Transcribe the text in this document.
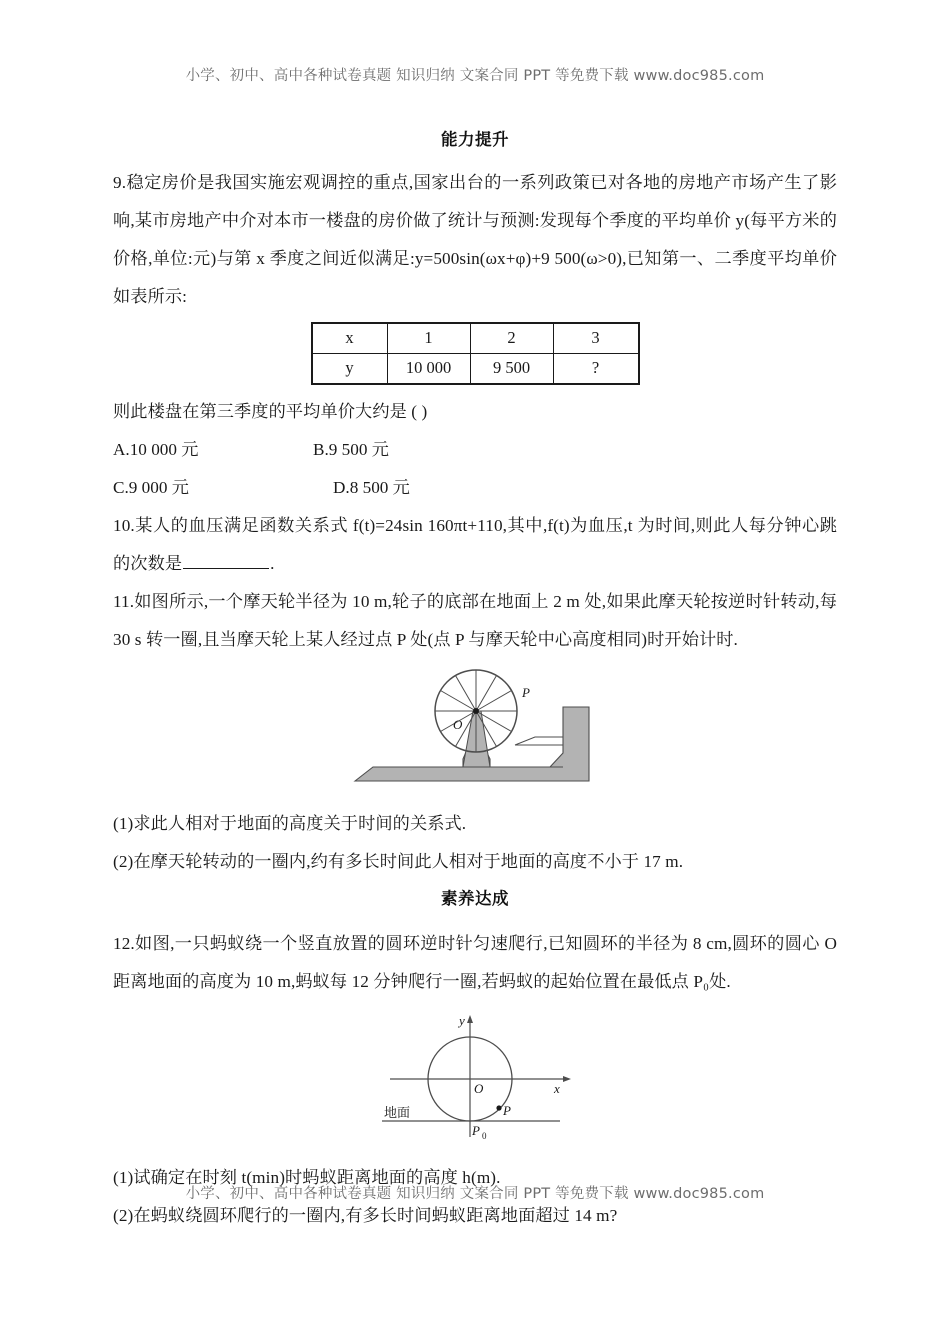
小学、初中、高中各种试卷真题 知识归纳 文案合同 PPT 等免费下载 www.doc985.com
能力提升

9.稳定房价是我国实施宏观调控的重点,国家出台的一系列政策已对各地的房地产市场产生了影响,某市房地产中介对本市一楼盘的房价做了统计与预测:发现每个季度的平均单价 y(每平方米的价格,单位:元)与第 x 季度之间近似满足:y=500sin(ωx+φ)+9 500(ω>0),已知第一、二季度平均单价如表所示:

x	1	2	3
y	10 000	9 500	?

则此楼盘在第三季度的平均单价大约是 ( )

A.10 000 元	B.9 500 元
C.9 000 元	D.8 500 元

10.某人的血压满足函数关系式 f(t)=24sin 160πt+110,其中,f(t)为血压,t 为时间,则此人每分钟心跳的次数是	.

11.如图所示,一个摩天轮半径为 10 m,轮子的底部在地面上 2 m 处,如果此摩天轮按逆时针转动,每 30 s 转一圈,且当摩天轮上某人经过点 P 处(点 P 与摩天轮中心高度相同)时开始计时.

O
P

(1)求此人相对于地面的高度关于时间的关系式.

(2)在摩天轮转动的一圈内,约有多长时间此人相对于地面的高度不小于 17 m.

素养达成

12.如图,一只蚂蚁绕一个竖直放置的圆环逆时针匀速爬行,已知圆环的半径为 8 cm,圆环的圆心 O 距离地面的高度为 10 m,蚂蚁每 12 分钟爬行一圈,若蚂蚁的起始位置在最低点 P₀处.

P 0
P
O
y
x
地面

(1)试确定在时刻 t(min)时蚂蚁距离地面的高度 h(m).

(2)在蚂蚁绕圆环爬行的一圈内,有多长时间蚂蚁距离地面超过 14 m?

小学、初中、高中各种试卷真题 知识归纳 文案合同 PPT 等免费下载 www.doc985.com
